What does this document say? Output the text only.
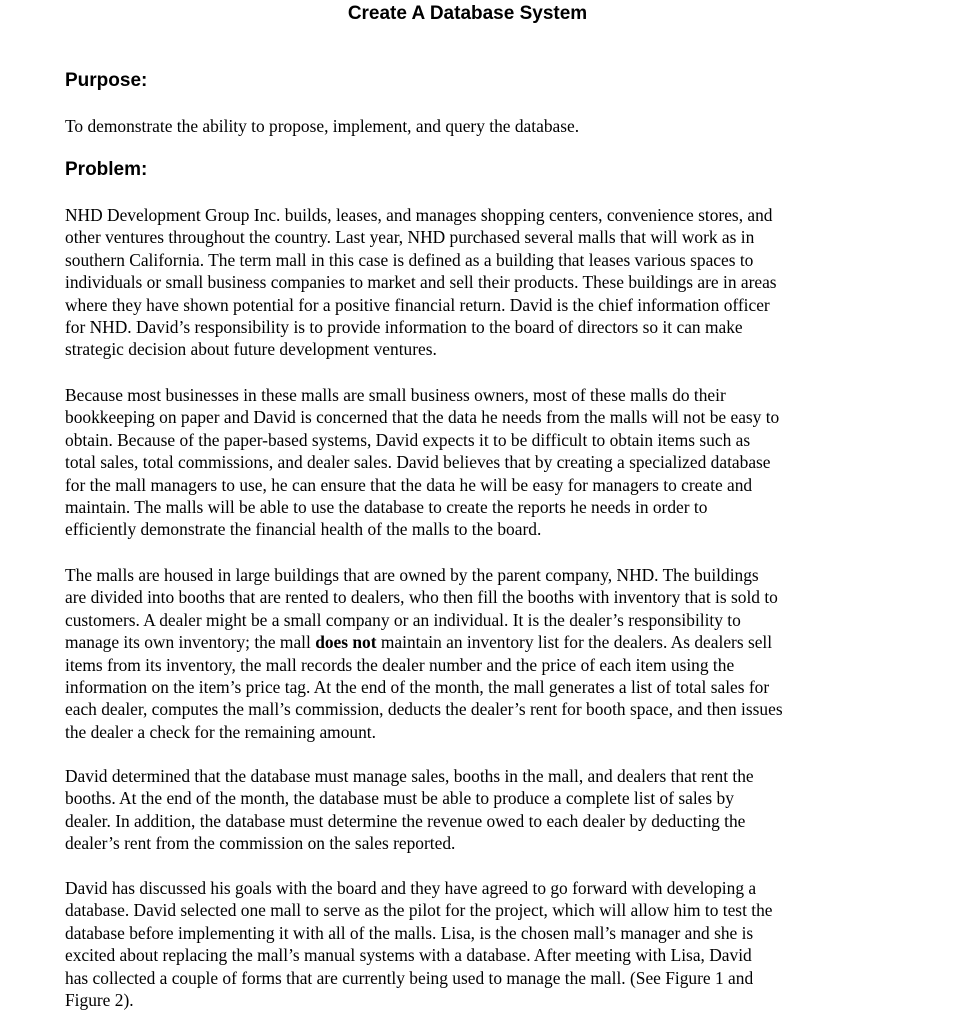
Create A Database System
Purpose:

To demonstrate the ability to propose, implement, and query the database.

Problem:

NHD Development Group Inc. builds, leases, and manages shopping centers, convenience stores, and
other ventures throughout the country. Last year, NHD purchased several malls that will work as in
southern California. The term mall in this case is defined as a building that leases various spaces to
individuals or small business companies to market and sell their products. These buildings are in areas
where they have shown potential for a positive financial return. David is the chief information officer
for NHD. David’s responsibility is to provide information to the board of directors so it can make
strategic decision about future development ventures.

Because most businesses in these malls are small business owners, most of these malls do their
bookkeeping on paper and David is concerned that the data he needs from the malls will not be easy to
obtain. Because of the paper-based systems, David expects it to be difficult to obtain items such as
total sales, total commissions, and dealer sales. David believes that by creating a specialized database
for the mall managers to use, he can ensure that the data he will be easy for managers to create and
maintain. The malls will be able to use the database to create the reports he needs in order to
efficiently demonstrate the financial health of the malls to the board.

The malls are housed in large buildings that are owned by the parent company, NHD. The buildings
are divided into booths that are rented to dealers, who then fill the booths with inventory that is sold to
customers. A dealer might be a small company or an individual. It is the dealer’s responsibility to
manage its own inventory; the mall does not maintain an inventory list for the dealers. As dealers sell
items from its inventory, the mall records the dealer number and the price of each item using the
information on the item’s price tag. At the end of the month, the mall generates a list of total sales for
each dealer, computes the mall’s commission, deducts the dealer’s rent for booth space, and then issues
the dealer a check for the remaining amount.

David determined that the database must manage sales, booths in the mall, and dealers that rent the
booths. At the end of the month, the database must be able to produce a complete list of sales by
dealer. In addition, the database must determine the revenue owed to each dealer by deducting the
dealer’s rent from the commission on the sales reported.

David has discussed his goals with the board and they have agreed to go forward with developing a
database. David selected one mall to serve as the pilot for the project, which will allow him to test the
database before implementing it with all of the malls. Lisa, is the chosen mall’s manager and she is
excited about replacing the mall’s manual systems with a database. After meeting with Lisa, David
has collected a couple of forms that are currently being used to manage the mall. (See Figure 1 and
Figure 2).
